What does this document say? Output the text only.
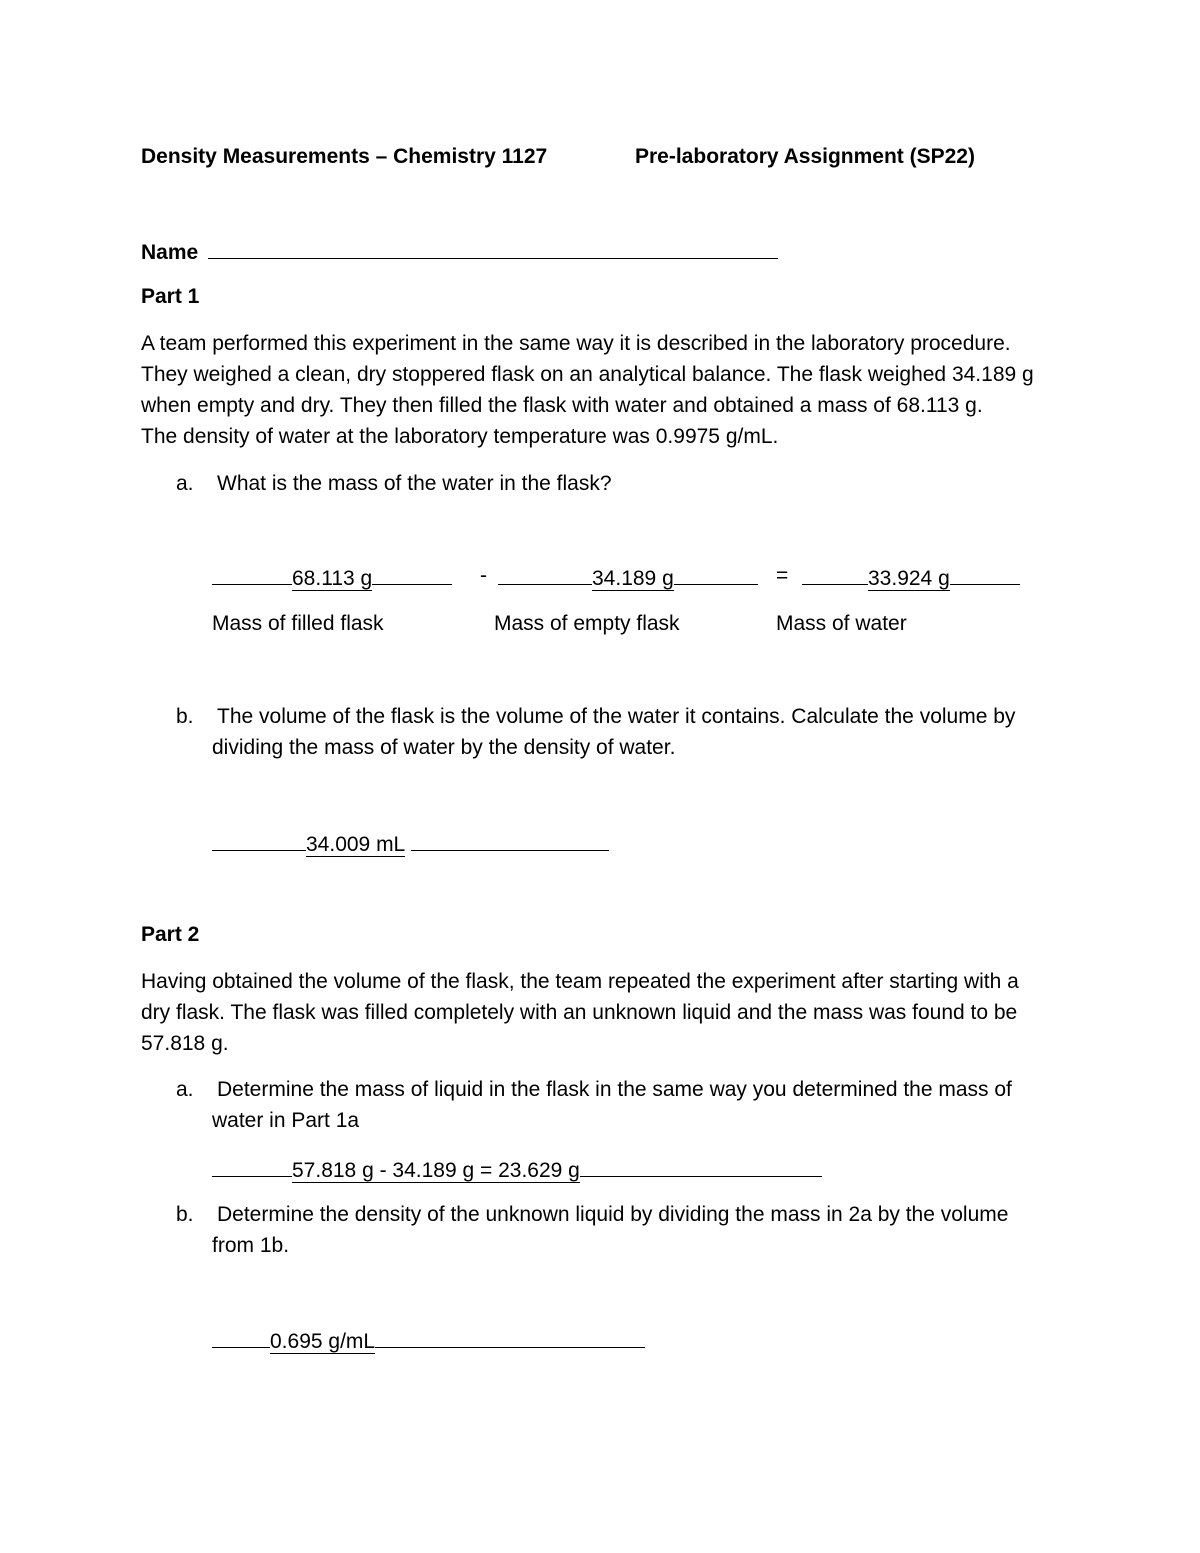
Density Measurements – Chemistry 1127	Pre-laboratory Assignment (SP22)
Name
Part 1
A team performed this experiment in the same way it is described in the laboratory procedure.
They weighed a clean, dry stoppered flask on an analytical balance. The flask weighed 34.189 g
when empty and dry. They then filled the flask with water and obtained a mass of 68.113 g.
The density of water at the laboratory temperature was 0.9975 g/mL.
a. What is the mass of the water in the flask?
68.113 g	-	34.189 g	=	33.924 g
Mass of filled flask	Mass of empty flask	Mass of water
b. The volume of the flask is the volume of the water it contains. Calculate the volume by
dividing the mass of water by the density of water.
34.009 mL
Part 2
Having obtained the volume of the flask, the team repeated the experiment after starting with a
dry flask. The flask was filled completely with an unknown liquid and the mass was found to be
57.818 g.
a. Determine the mass of liquid in the flask in the same way you determined the mass of
water in Part 1a
57.818 g - 34.189 g = 23.629 g
b. Determine the density of the unknown liquid by dividing the mass in 2a by the volume
from 1b.
0.695 g/mL
